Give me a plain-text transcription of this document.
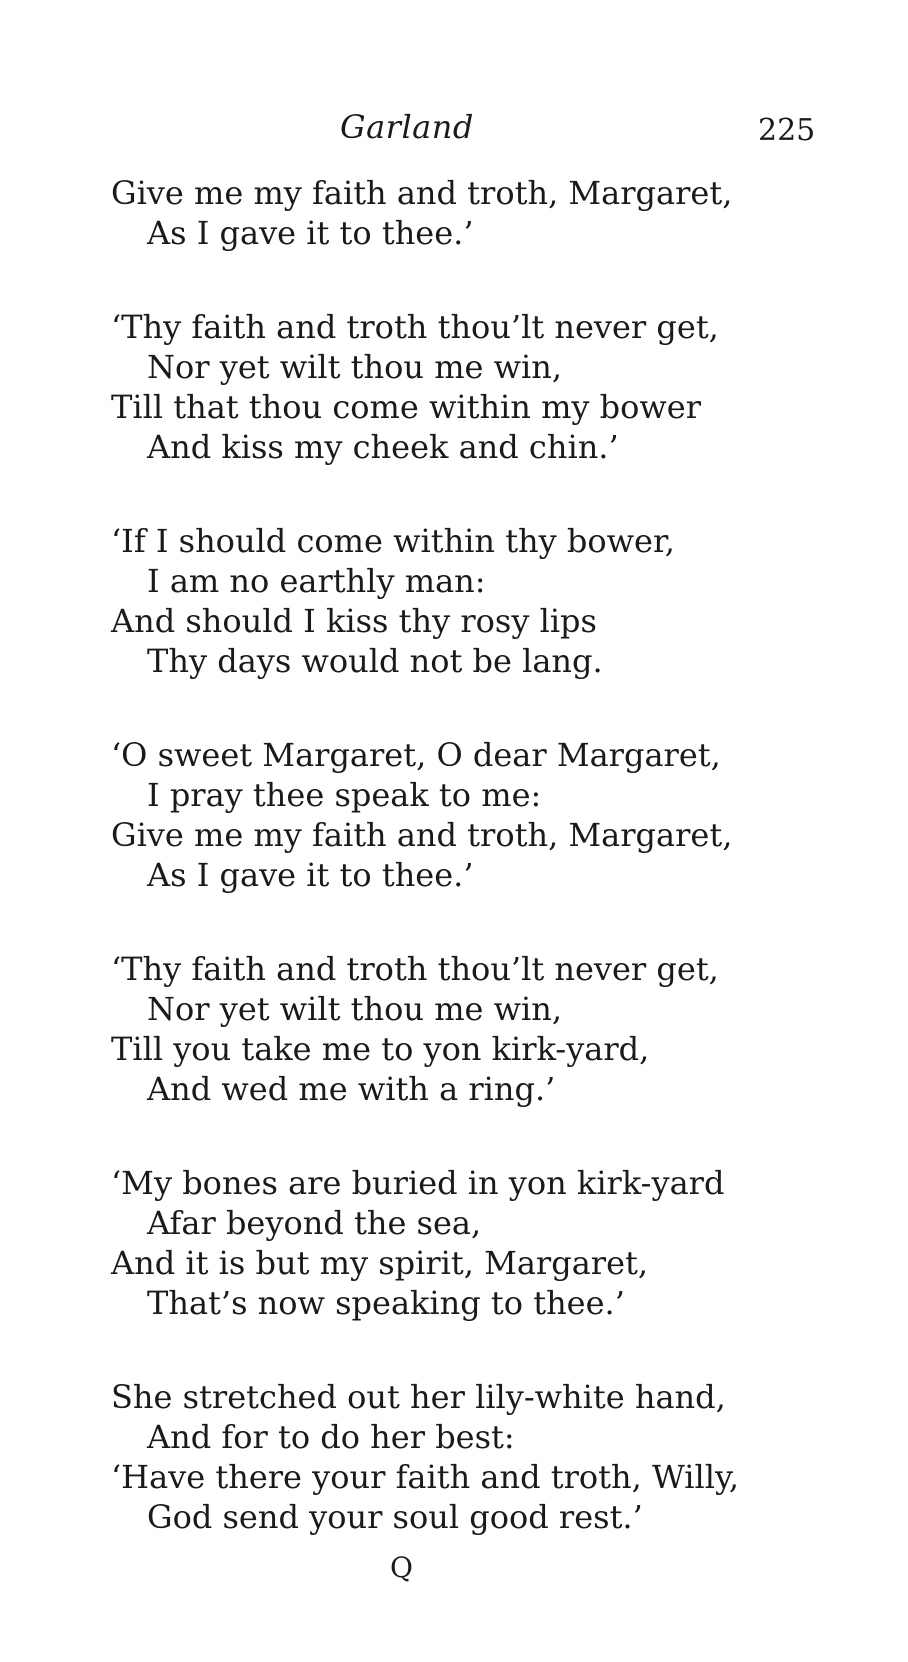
Garland	225
Give me my faith and troth, Margaret,
As I gave it to thee.’
‘Thy faith and troth thou’lt never get,
Nor yet wilt thou me win,
Till that thou come within my bower
And kiss my cheek and chin.’
‘If I should come within thy bower,
I am no earthly man:
And should I kiss thy rosy lips
Thy days would not be lang.
‘O sweet Margaret, O dear Margaret,
I pray thee speak to me:
Give me my faith and troth, Margaret,
As I gave it to thee.’
‘Thy faith and troth thou’lt never get,
Nor yet wilt thou me win,
Till you take me to yon kirk-yard,
And wed me with a ring.’
‘My bones are buried in yon kirk-yard
Afar beyond the sea,
And it is but my spirit, Margaret,
That’s now speaking to thee.’
She stretched out her lily-white hand,
And for to do her best:
‘Have there your faith and troth, Willy,
God send your soul good rest.’
Q
